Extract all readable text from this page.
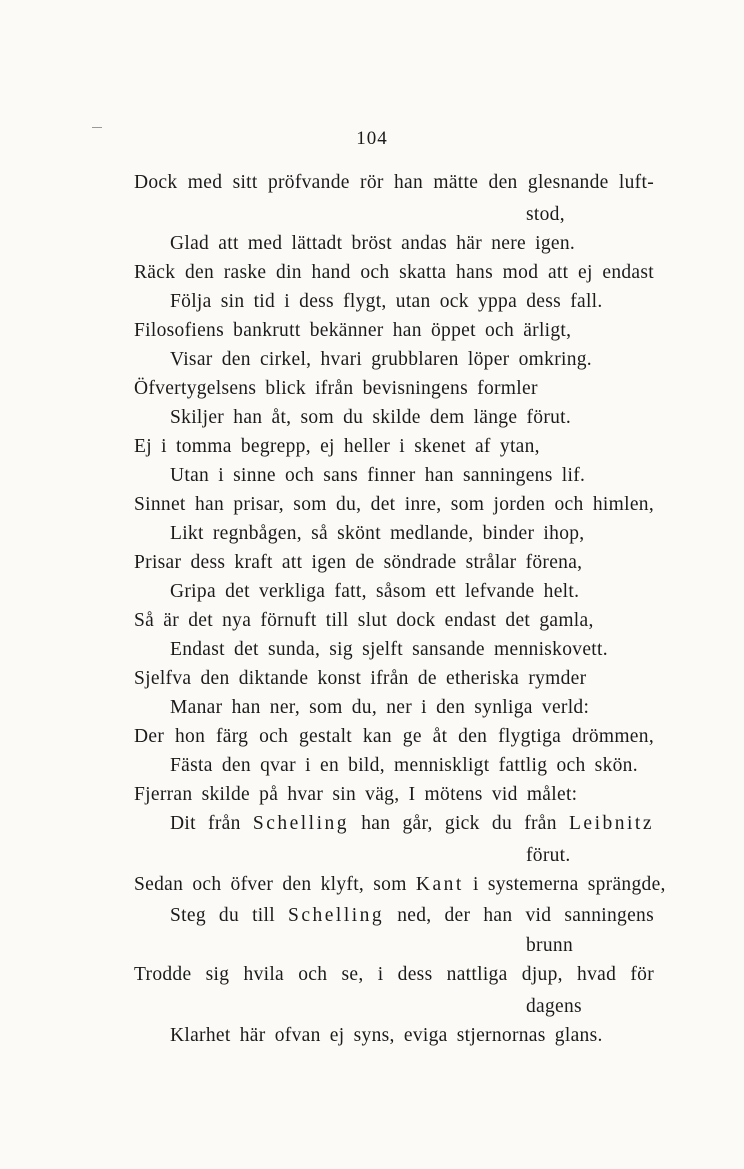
104
Dock med sitt pröfvande rör han mätte den glesnande luft-
stod,
Glad att med lättadt bröst andas här nere igen.
Räck den raske din hand och skatta hans mod att ej endast
Följa sin tid i dess flygt, utan ock yppa dess fall.
Filosofiens bankrutt bekänner han öppet och ärligt,
Visar den cirkel, hvari grubblaren löper omkring.
Öfvertygelsens blick ifrån bevisningens formler
Skiljer han åt, som du skilde dem länge förut.
Ej i tomma begrepp, ej heller i skenet af ytan,
Utan i sinne och sans finner han sanningens lif.
Sinnet han prisar, som du, det inre, som jorden och himlen,
Likt regnbågen, så skönt medlande, binder ihop,
Prisar dess kraft att igen de söndrade strålar förena,
Gripa det verkliga fatt, såsom ett lefvande helt.
Så är det nya förnuft till slut dock endast det gamla,
Endast det sunda, sig sjelft sansande menniskovett.
Sjelfva den diktande konst ifrån de etheriska rymder
Manar han ner, som du, ner i den synliga verld:
Der hon färg och gestalt kan ge åt den flygtiga drömmen,
Fästa den qvar i en bild, menniskligt fattlig och skön.
Fjerran skilde på hvar sin väg, I mötens vid målet:
Dit från Schelling han går, gick du från Leibnitz
förut.
Sedan och öfver den klyft, som Kant i systemerna sprängde,
Steg du till Schelling ned, der han vid sanningens
brunn
Trodde sig hvila och se, i dess nattliga djup, hvad för
dagens
Klarhet här ofvan ej syns, eviga stjernornas glans.
